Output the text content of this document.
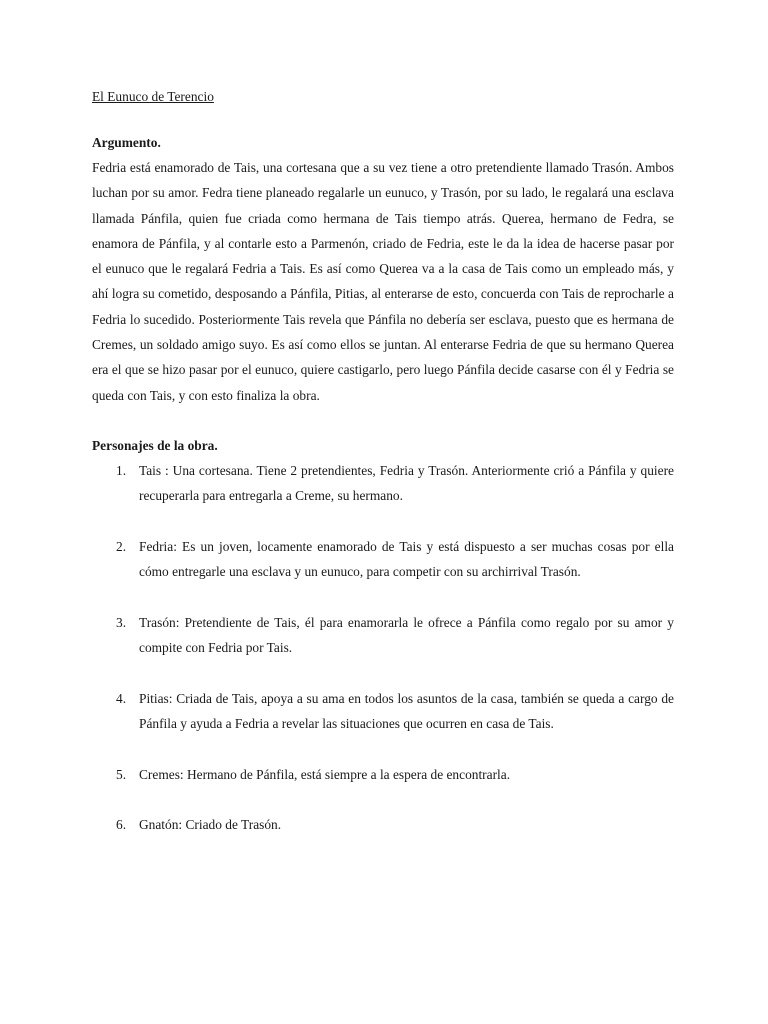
El Eunuco de Terencio
Argumento.

Fedria está enamorado de Tais, una cortesana que a su vez tiene a otro pretendiente llamado Trasón. Ambos luchan por su amor. Fedra tiene planeado regalarle un eunuco, y Trasón, por su lado, le regalará una esclava llamada Pánfila, quien fue criada como hermana de Tais tiempo atrás. Querea, hermano de Fedra, se enamora de Pánfila, y al contarle esto a Parmenón, criado de Fedria, este le da la idea de hacerse pasar por el eunuco que le regalará Fedria a Tais. Es así como Querea va a la casa de Tais como un empleado más, y ahí logra su cometido, desposando a Pánfila, Pitias, al enterarse de esto, concuerda con Tais de reprocharle a Fedria lo sucedido. Posteriormente Tais revela que Pánfila no debería ser esclava, puesto que es hermana de Cremes, un soldado amigo suyo. Es así como ellos se juntan. Al enterarse Fedria de que su hermano Querea era el que se hizo pasar por el eunuco, quiere castigarlo, pero luego Pánfila decide casarse con él y Fedria se queda con Tais, y con esto finaliza la obra.

Personajes de la obra.
1. Tais : Una cortesana. Tiene 2 pretendientes, Fedria y Trasón. Anteriormente crió a Pánfila y quiere recuperarla para entregarla a Creme, su hermano.
2. Fedria: Es un joven, locamente enamorado de Tais y está dispuesto a ser muchas cosas por ella cómo entregarle una esclava y un eunuco, para competir con su archirrival Trasón.
3. Trasón: Pretendiente de Tais, él para enamorarla le ofrece a Pánfila como regalo por su amor y compite con Fedria por Tais.
4. Pitias: Criada de Tais, apoya a su ama en todos los asuntos de la casa, también se queda a cargo de Pánfila y ayuda a Fedria a revelar las situaciones que ocurren en casa de Tais.
5. Cremes: Hermano de Pánfila, está siempre a la espera de encontrarla.
6. Gnatón: Criado de Trasón.
